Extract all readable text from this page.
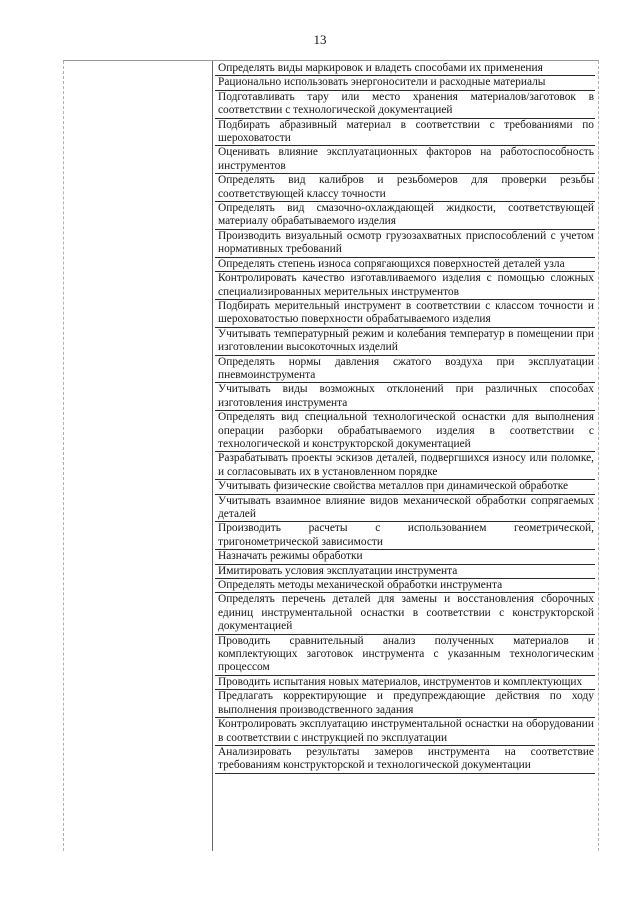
13
Определять виды маркировок и владеть способами их применения
Рационально использовать энергоносители и расходные материалы
Подготавливать тару или место хранения материалов/заготовок в соответствии с технологической документацией
Подбирать абразивный материал в соответствии с требованиями по шероховатости
Оценивать влияние эксплуатационных факторов на работоспособность инструментов
Определять вид калибров и резьбомеров для проверки резьбы соответствующей классу точности
Определять вид смазочно-охлаждающей жидкости, соответствующей материалу обрабатываемого изделия
Производить визуальный осмотр грузозахватных приспособлений с учетом нормативных требований
Определять степень износа сопрягающихся поверхностей деталей узла
Контролировать качество изготавливаемого изделия с помощью сложных специализированных мерительных инструментов
Подбирать мерительный инструмент в соответствии с классом точности и шероховатостью поверхности обрабатываемого изделия
Учитывать температурный режим и колебания температур в помещении при изготовлении высокоточных изделий
Определять нормы давления сжатого воздуха при эксплуатации пневмоинструмента
Учитывать виды возможных отклонений при различных способах изготовления инструмента
Определять вид специальной технологической оснастки для выполнения операции разборки обрабатываемого изделия в соответствии с технологической и конструкторской документацией
Разрабатывать проекты эскизов деталей, подвергшихся износу или поломке, и согласовывать их в установленном порядке
Учитывать физические свойства металлов при динамической обработке
Учитывать взаимное влияние видов механической обработки сопрягаемых деталей
Производить расчеты с использованием геометрической, тригонометрической зависимости
Назначать режимы обработки
Имитировать условия эксплуатации инструмента
Определять методы механической обработки инструмента
Определять перечень деталей для замены и восстановления сборочных единиц инструментальной оснастки в соответствии с конструкторской документацией
Проводить сравнительный анализ полученных материалов и комплектующих заготовок инструмента с указанным технологическим процессом
Проводить испытания новых материалов, инструментов и комплектующих
Предлагать корректирующие и предупреждающие действия по ходу выполнения производственного задания
Контролировать эксплуатацию инструментальной оснастки на оборудовании в соответствии с инструкцией по эксплуатации
Анализировать результаты замеров инструмента на соответствие требованиям конструкторской и технологической документации
